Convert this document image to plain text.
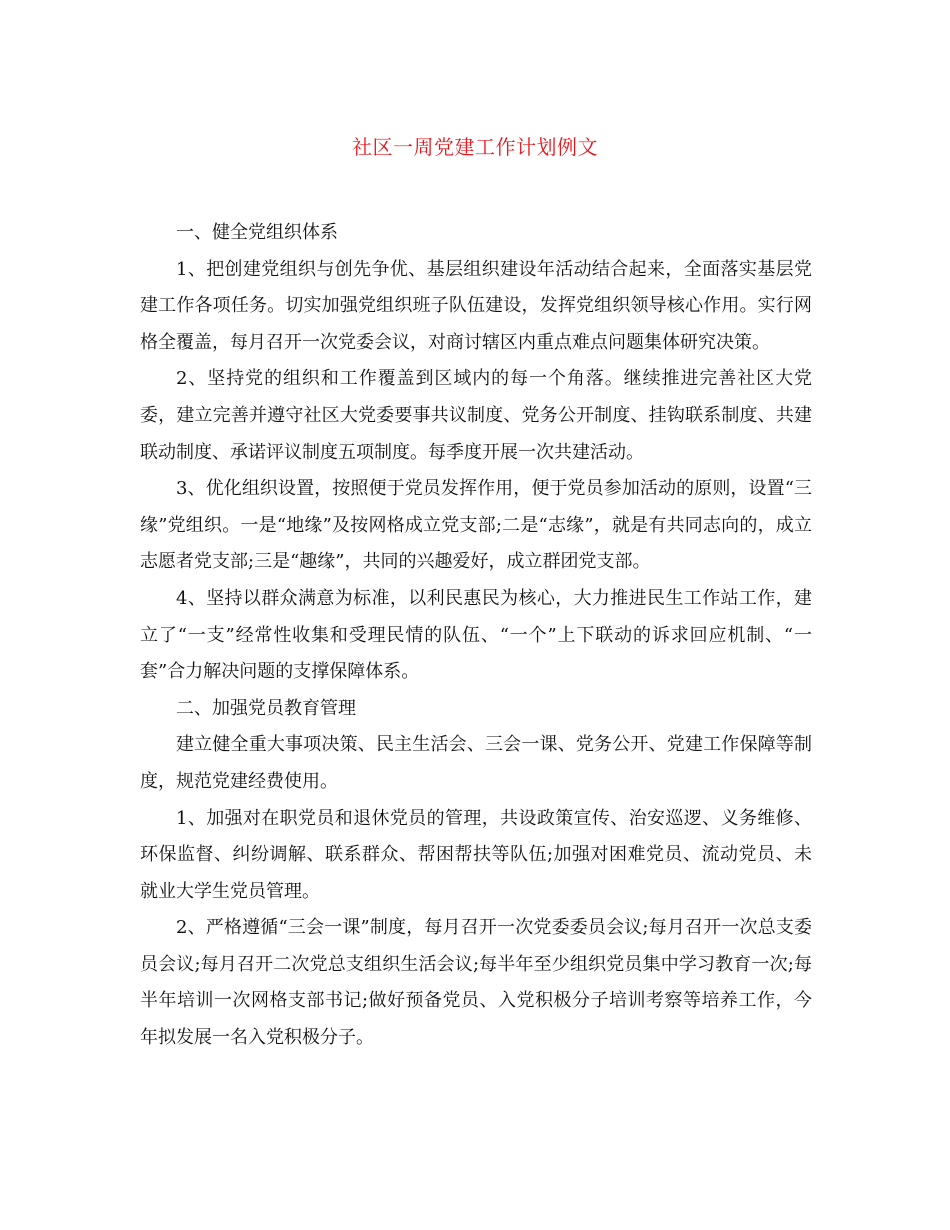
社区一周党建工作计划例文

一、健全党组织体系

1、把创建党组织与创先争优、基层组织建设年活动结合起来，全面落实基层党建工作各项任务。切实加强党组织班子队伍建设，发挥党组织领导核心作用。实行网格全覆盖，每月召开一次党委会议，对商讨辖区内重点难点问题集体研究决策。

2、坚持党的组织和工作覆盖到区域内的每一个角落。继续推进完善社区大党委，建立完善并遵守社区大党委要事共议制度、党务公开制度、挂钩联系制度、共建联动制度、承诺评议制度五项制度。每季度开展一次共建活动。

3、优化组织设置，按照便于党员发挥作用，便于党员参加活动的原则，设置“三缘”党组织。一是“地缘”及按网格成立党支部;二是“志缘”，就是有共同志向的，成立志愿者党支部;三是“趣缘”，共同的兴趣爱好，成立群团党支部。

4、坚持以群众满意为标准，以利民惠民为核心，大力推进民生工作站工作，建立了“一支”经常性收集和受理民情的队伍、“一个”上下联动的诉求回应机制、“一套”合力解决问题的支撑保障体系。

二、加强党员教育管理

建立健全重大事项决策、民主生活会、三会一课、党务公开、党建工作保障等制度，规范党建经费使用。

1、加强对在职党员和退休党员的管理，共设政策宣传、治安巡逻、义务维修、环保监督、纠纷调解、联系群众、帮困帮扶等队伍;加强对困难党员、流动党员、未就业大学生党员管理。

2、严格遵循“三会一课”制度，每月召开一次党委委员会议;每月召开一次总支委员会议;每月召开二次党总支组织生活会议;每半年至少组织党员集中学习教育一次;每半年培训一次网格支部书记;做好预备党员、入党积极分子培训考察等培养工作，今年拟发展一名入党积极分子。
